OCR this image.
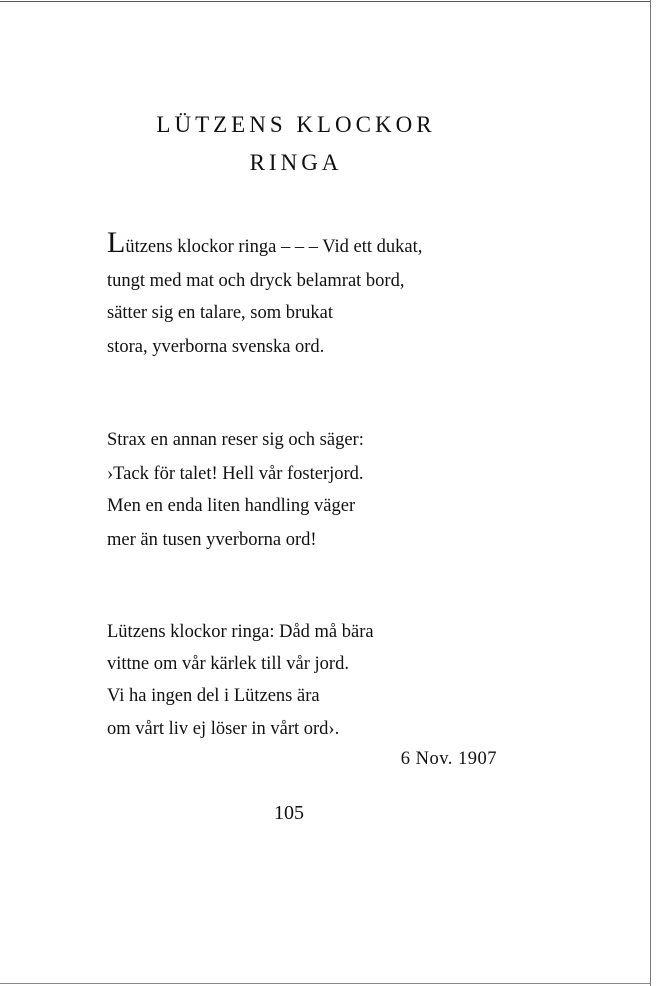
LÜTZENS KLOCKOR
RINGA
Lützens klockor ringa – – – Vid ett dukat,
tungt med mat och dryck belamrat bord,
sätter sig en talare, som brukat
stora, yverborna svenska ord.
Strax en annan reser sig och säger:
›Tack för talet! Hell vår fosterjord.
Men en enda liten handling väger
mer än tusen yverborna ord!
Lützens klockor ringa: Dåd må bära
vittne om vår kärlek till vår jord.
Vi ha ingen del i Lützens ära
om vårt liv ej löser in vårt ord›.
6 Nov. 1907
105
